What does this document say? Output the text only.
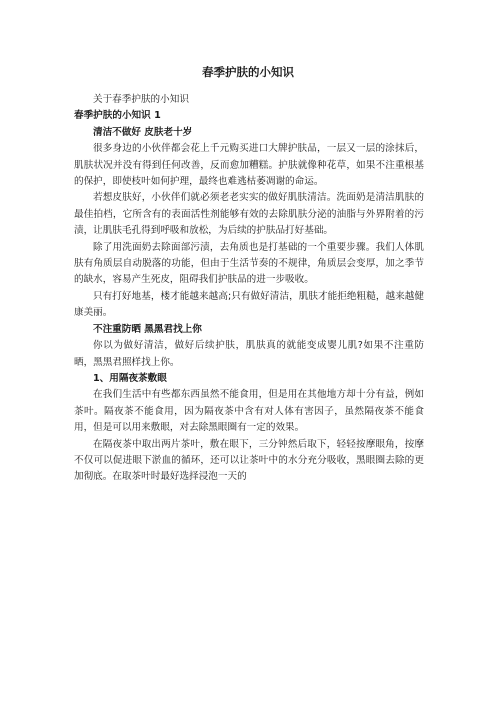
春季护肤的小知识

关于春季护肤的小知识

春季护肤的小知识 1

清洁不做好 皮肤老十岁

很多身边的小伙伴都会花上千元购买进口大牌护肤品，一层又一层的涂抹后，肌肤状况并没有得到任何改善，反而愈加糟糕。护肤就像种花草，如果不注重根基的保护，即使枝叶如何护理，最终也难逃枯萎凋谢的命运。

若想皮肤好，小伙伴们就必须老老实实的做好肌肤清洁。洗面奶是清洁肌肤的最佳拍档，它所含有的表面活性剂能够有效的去除肌肤分泌的油脂与外界附着的污渍，让肌肤毛孔得到呼吸和放松，为后续的护肤品打好基础。

除了用洗面奶去除面部污渍，去角质也是打基础的一个重要步骤。我们人体肌肤有角质层自动脱落的功能，但由于生活节奏的不规律，角质层会变厚，加之季节的缺水，容易产生死皮，阻碍我们护肤品的进一步吸收。

只有打好地基，楼才能越来越高;只有做好清洁，肌肤才能拒绝粗糙，越来越健康美丽。

不注重防晒 黑黑君找上你

你以为做好清洁，做好后续护肤，肌肤真的就能变成婴儿肌?如果不注重防晒，黑黑君照样找上你。

1、用隔夜茶敷眼

在我们生活中有些都东西虽然不能食用，但是用在其他地方却十分有益，例如茶叶。隔夜茶不能食用，因为隔夜茶中含有对人体有害因子，虽然隔夜茶不能食用，但是可以用来敷眼，对去除黑眼圈有一定的效果。

在隔夜茶中取出两片茶叶，敷在眼下，三分钟然后取下，轻轻按摩眼角，按摩不仅可以促进眼下淤血的循环，还可以让茶叶中的水分充分吸收，黑眼圈去除的更加彻底。在取茶叶时最好选择浸泡一天的
